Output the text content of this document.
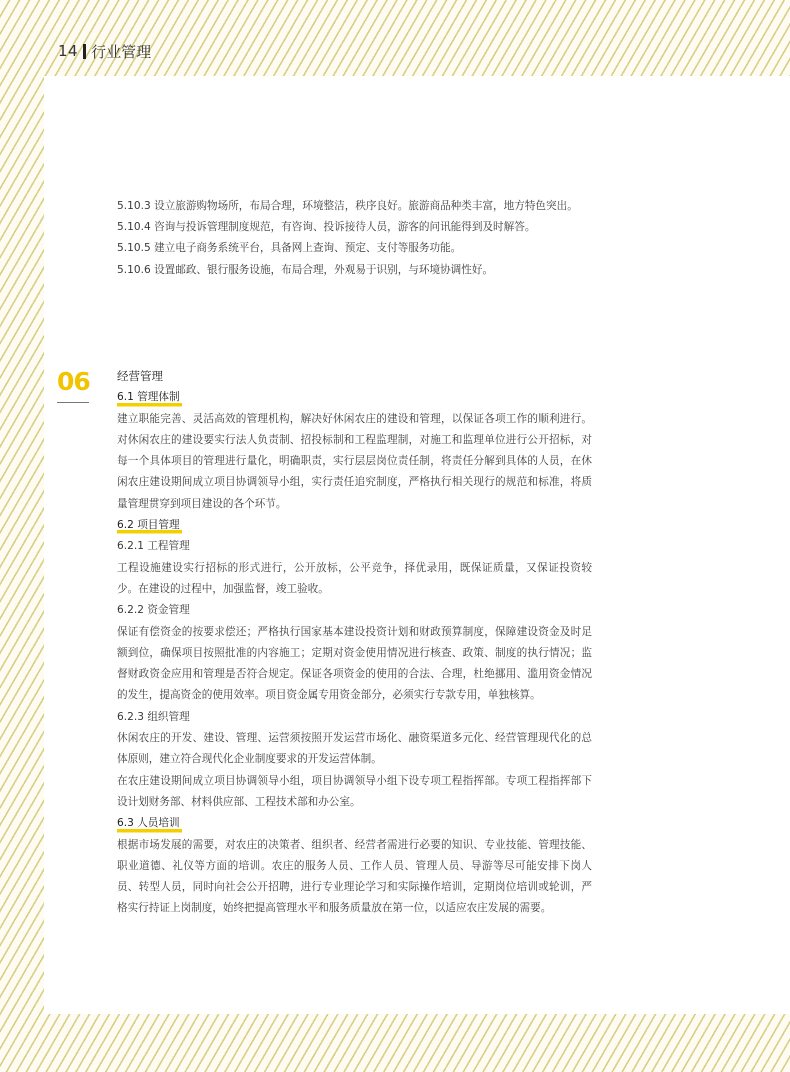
14 行业管理

5.10.3 设立旅游购物场所，布局合理，环境整洁，秩序良好。旅游商品种类丰富，地方特色突出。

5.10.4 咨询与投诉管理制度规范，有咨询、投诉接待人员，游客的问讯能得到及时解答。

5.10.5 建立电子商务系统平台，具备网上查询、预定、支付等服务功能。

5.10.6 设置邮政、银行服务设施，布局合理，外观易于识别，与环境协调性好。

06 经营管理

6.1 管理体制

建立职能完善、灵活高效的管理机构，解决好休闲农庄的建设和管理，以保证各项工作的顺利进行。对休闲农庄的建设要实行法人负责制、招投标制和工程监理制，对施工和监理单位进行公开招标，对每一个具体项目的管理进行量化，明确职责，实行层层岗位责任制，将责任分解到具体的人员，在休闲农庄建设期间成立项目协调领导小组，实行责任追究制度，严格执行相关现行的规范和标准，将质量管理贯穿到项目建设的各个环节。

6.2 项目管理

6.2.1 工程管理

工程设施建设实行招标的形式进行，公开放标，公平竞争，择优录用，既保证质量，又保证投资较少。在建设的过程中，加强监督，竣工验收。

6.2.2 资金管理

保证有偿资金的按要求偿还；严格执行国家基本建设投资计划和财政预算制度，保障建设资金及时足额到位，确保项目按照批准的内容施工；定期对资金使用情况进行核查、政策、制度的执行情况；监督财政资金应用和管理是否符合规定。保证各项资金的使用的合法、合理，杜绝挪用、滥用资金情况的发生，提高资金的使用效率。项目资金属专用资金部分，必须实行专款专用，单独核算。

6.2.3 组织管理

休闲农庄的开发、建设、管理、运营须按照开发运营市场化、融资渠道多元化、经营管理现代化的总体原则，建立符合现代化企业制度要求的开发运营体制。

在农庄建设期间成立项目协调领导小组，项目协调领导小组下设专项工程指挥部。专项工程指挥部下设计划财务部、材料供应部、工程技术部和办公室。

6.3 人员培训

根据市场发展的需要，对农庄的决策者、组织者、经营者需进行必要的知识、专业技能、管理技能、职业道德、礼仪等方面的培训。农庄的服务人员、工作人员、管理人员、导游等尽可能安排下岗人员、转型人员，同时向社会公开招聘，进行专业理论学习和实际操作培训，定期岗位培训或轮训，严格实行持证上岗制度，始终把提高管理水平和服务质量放在第一位，以适应农庄发展的需要。
